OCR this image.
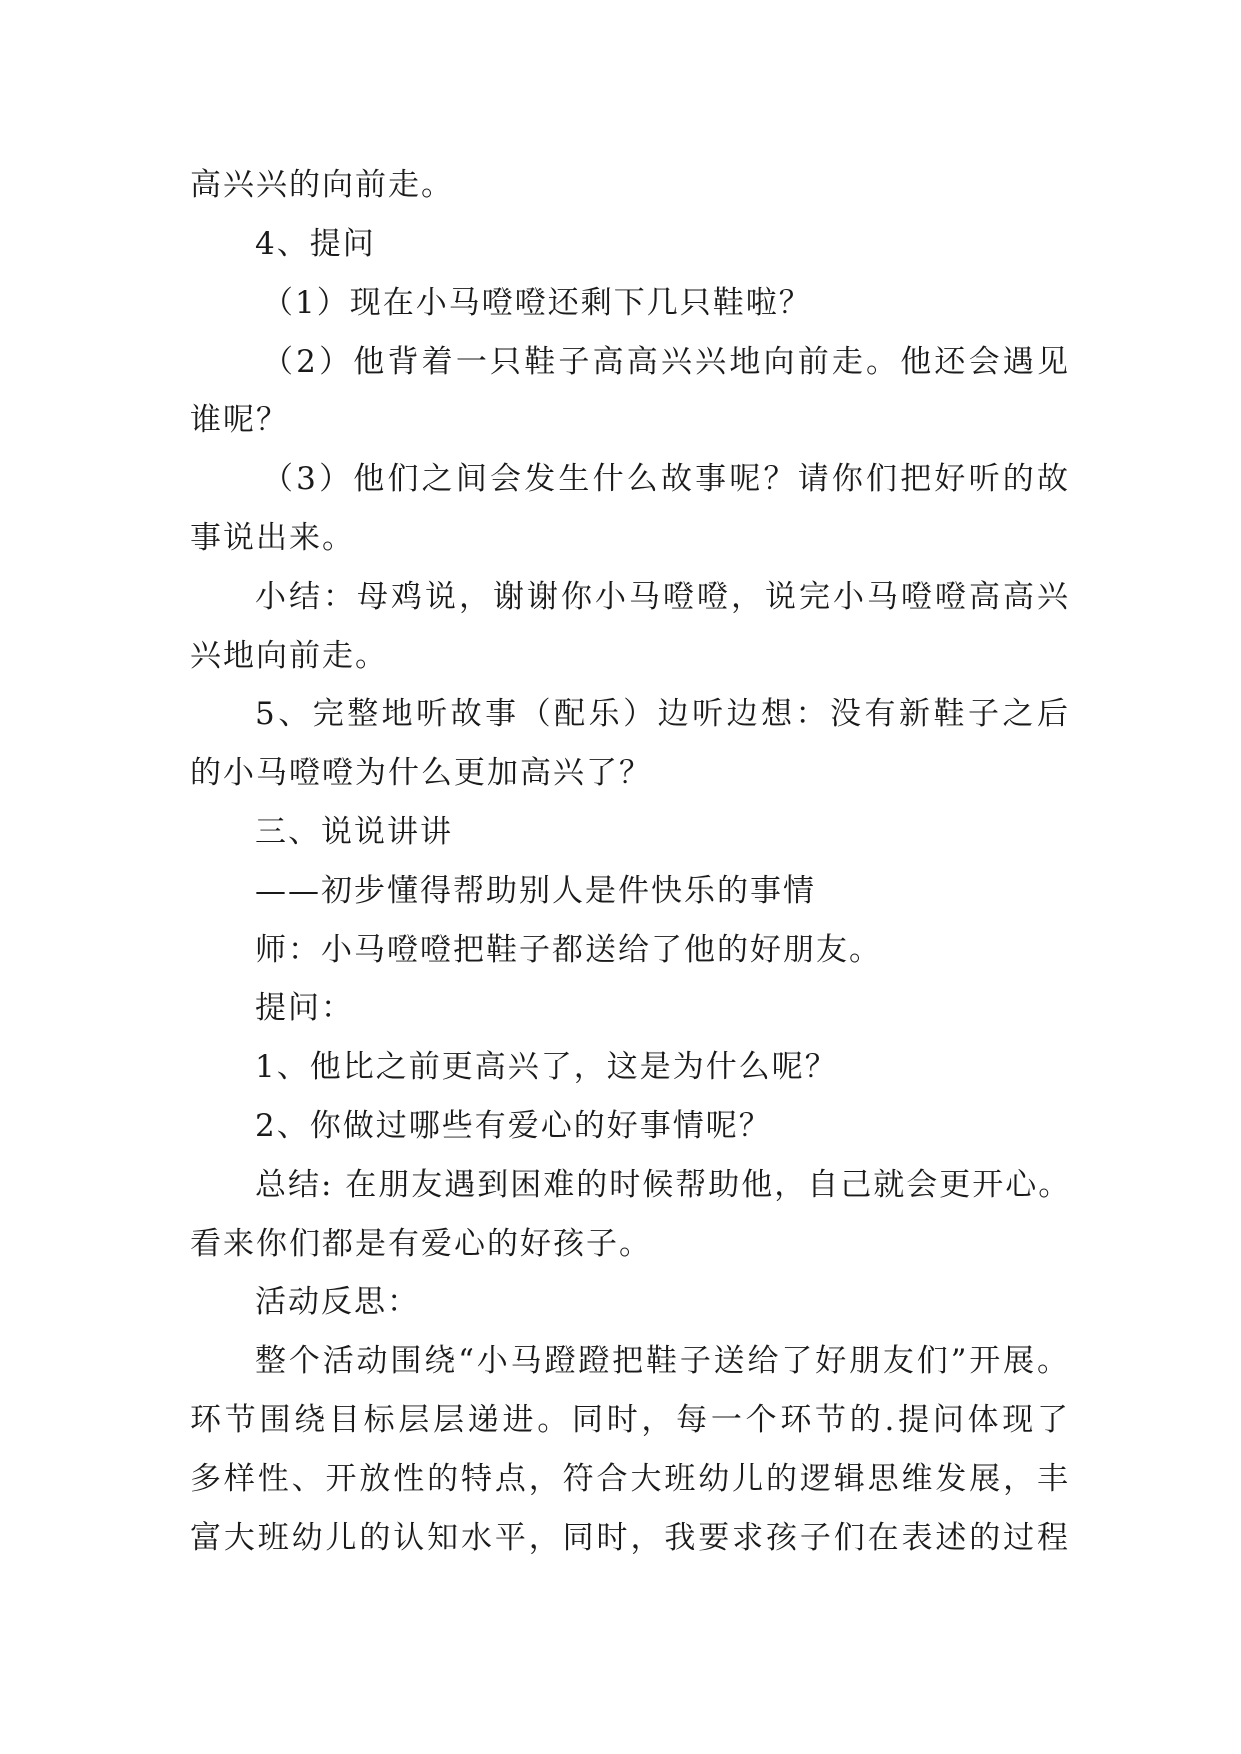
高兴兴的向前走。
4、提问
（1）现在小马噔噔还剩下几只鞋啦？
（2）他背着一只鞋子高高兴兴地向前走。他还会遇见
谁呢？
（3）他们之间会发生什么故事呢？请你们把好听的故
事说出来。
小结：母鸡说，谢谢你小马噔噔，说完小马噔噔高高兴
兴地向前走。
5、完整地听故事（配乐）边听边想：没有新鞋子之后
的小马噔噔为什么更加高兴了？
三、说说讲讲
——初步懂得帮助别人是件快乐的事情
师：小马噔噔把鞋子都送给了他的好朋友。
提问：
1、他比之前更高兴了，这是为什么呢？
2、你做过哪些有爱心的好事情呢？
总结: 在朋友遇到困难的时候帮助他，自己就会更开心。
看来你们都是有爱心的好孩子。
活动反思：
整个活动围绕“小马蹬蹬把鞋子送给了好朋友们”开展。
环节围绕目标层层递进。同时，每一个环节的.提问体现了
多样性、开放性的特点，符合大班幼儿的逻辑思维发展，丰
富大班幼儿的认知水平，同时，我要求孩子们在表述的过程
